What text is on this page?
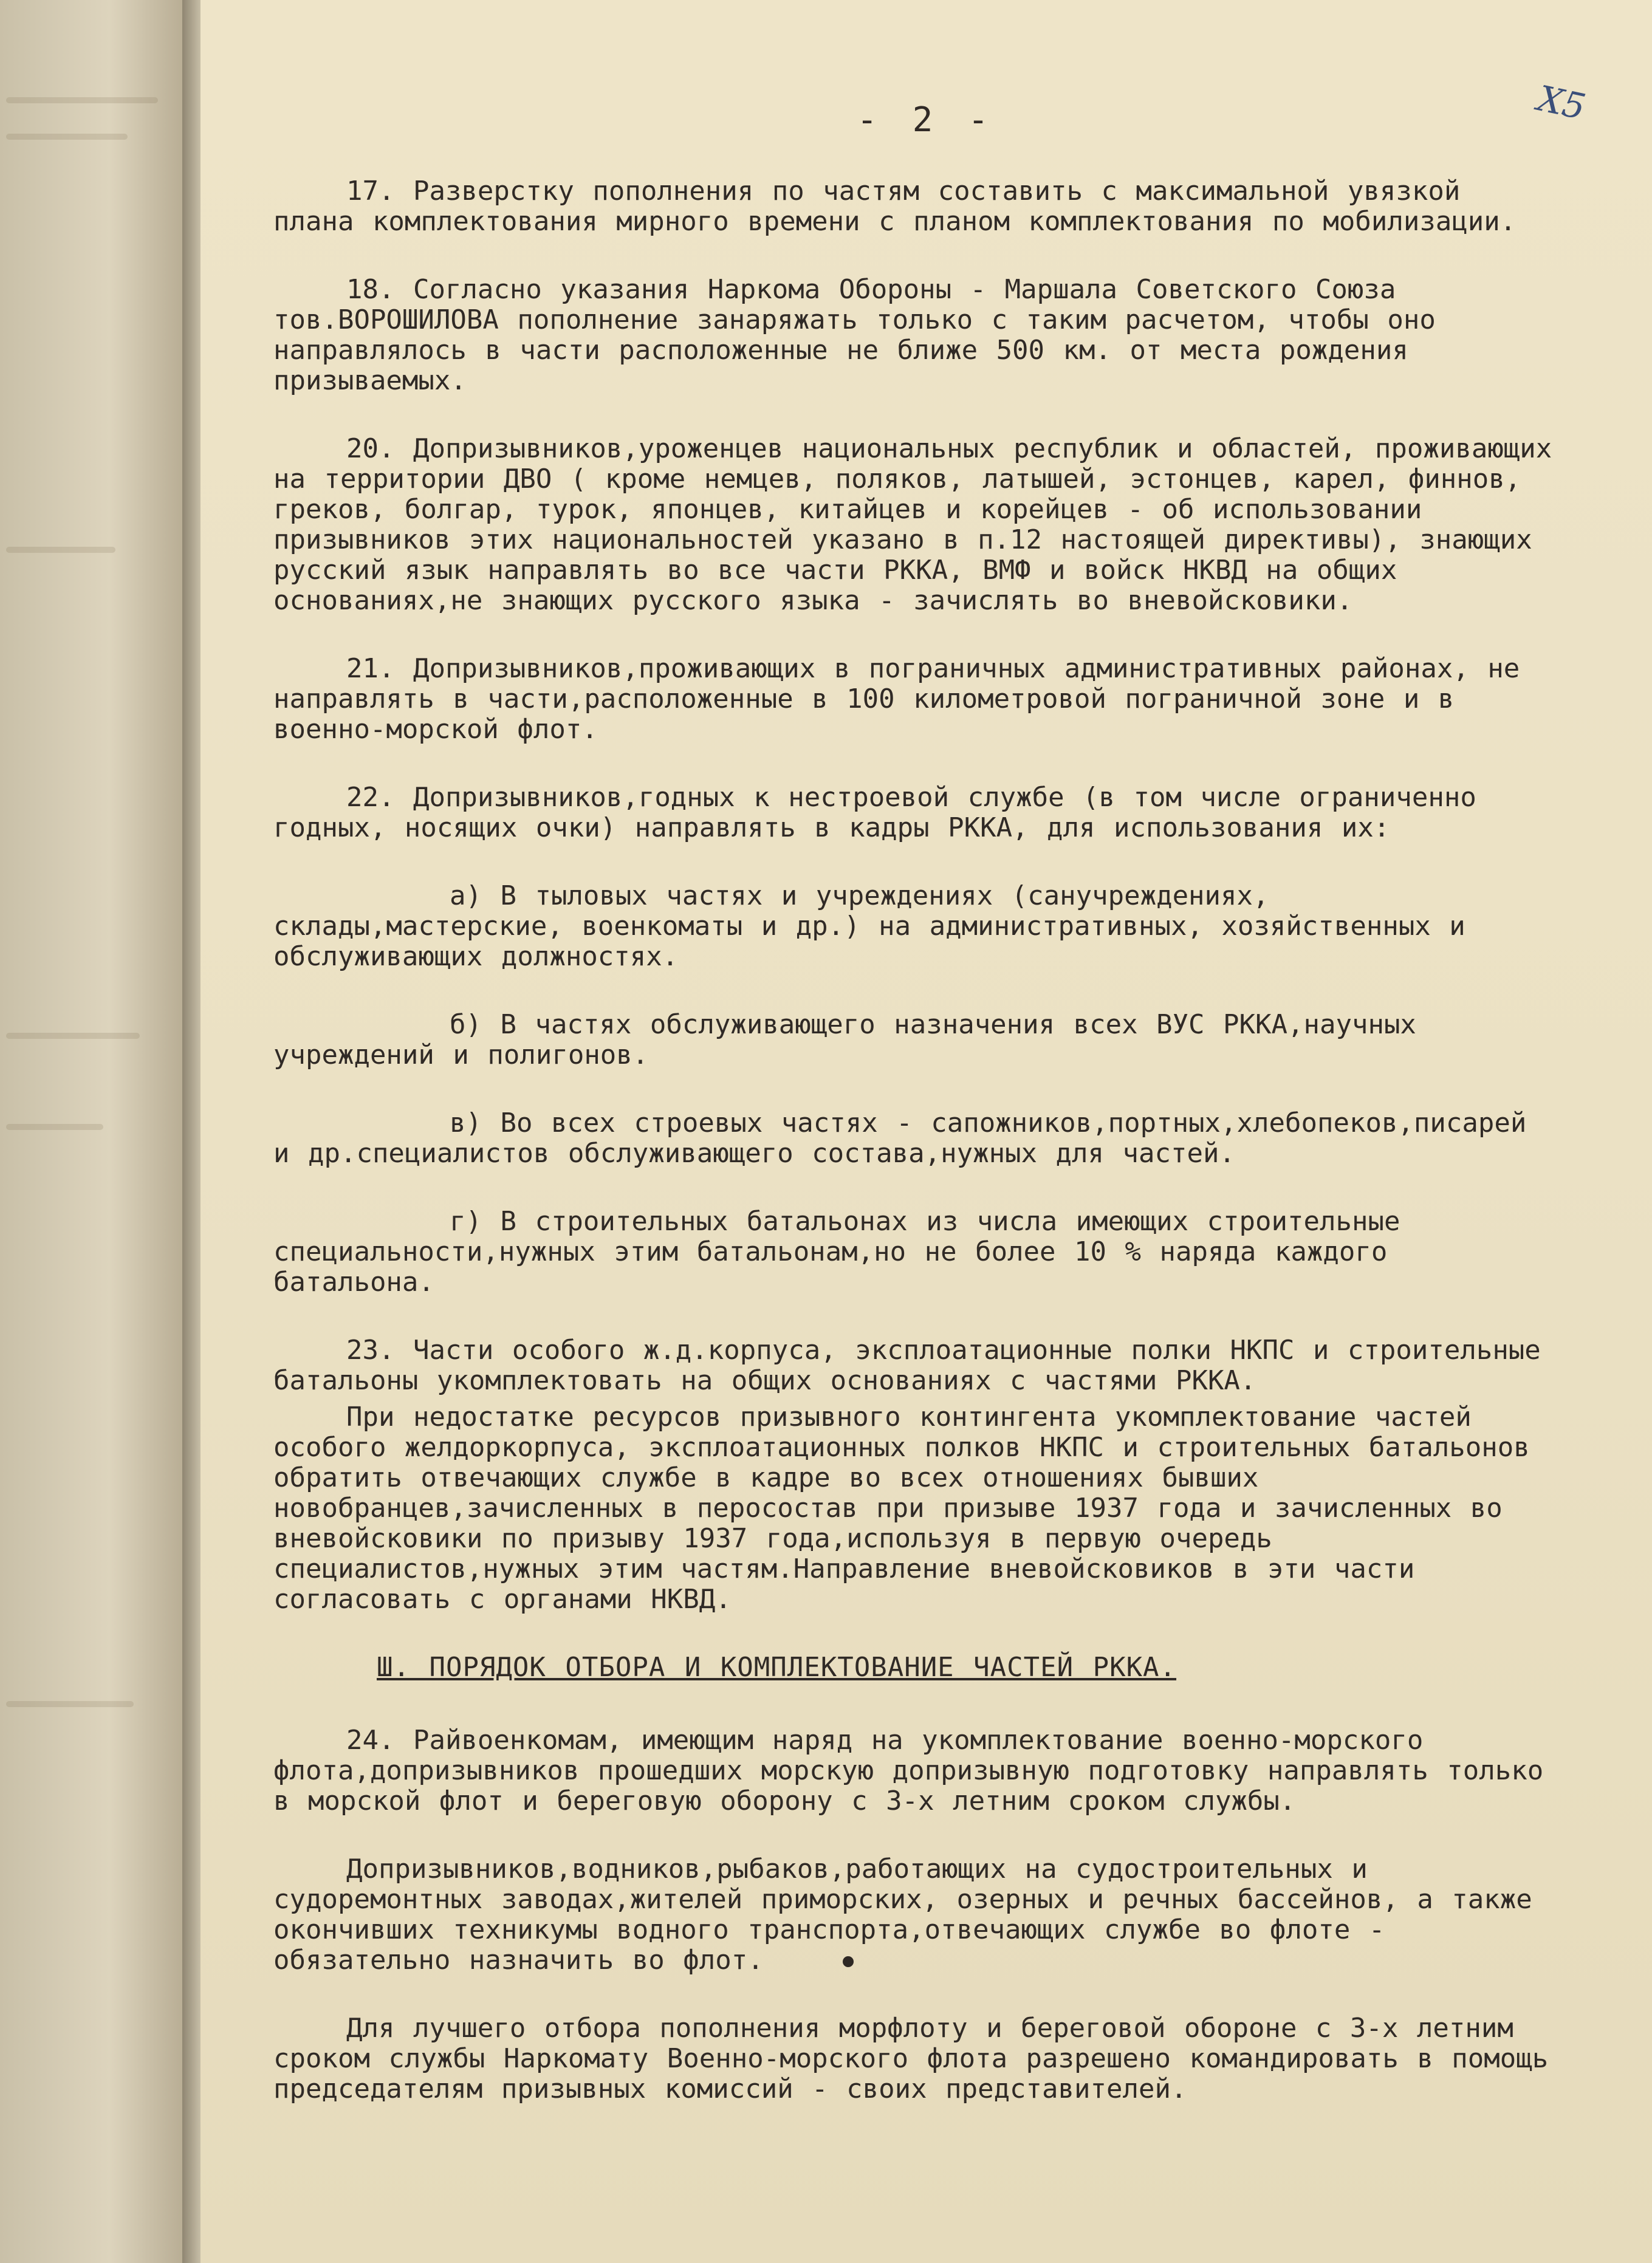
- 2 -	X5

17. Разверстку пополнения по частям составить с максимальной увязкой плана комплектования мирного времени с планом комплектования по мобилизации.

18. Согласно указания Наркома Обороны - Маршала Советского Союза тов.ВОРОШИЛОВА пополнение занаряжать только с таким расчетом, чтобы оно направлялось в части расположенные не ближе 500 км. от места рождения призываемых.

20. Допризывников,уроженцев национальных республик и областей, проживающих на территории ДВО ( кроме немцев, поляков, латышей, эстонцев, карел, финнов, греков, болгар, турок, японцев, китайцев и корейцев - об использовании призывников этих национальностей указано в п.12 настоящей директивы), знающих русский язык направлять во все части РККА, ВМФ и войск НКВД на общих основаниях,не знающих русского языка - зачислять во вневойсковики.

21. Допризывников,проживающих в пограничных административных районах, не направлять в части,расположенные в 100 километровой пограничной зоне и в военно-морской флот.

22. Допризывников,годных к нестроевой службе (в том числе ограниченно годных, носящих очки) направлять в кадры РККА, для использования их:

а) В тыловых частях и учреждениях (санучреждениях, склады,мастерские, военкоматы и др.) на административных, хозяйственных и обслуживающих должностях.

б) В частях обслуживающего назначения всех ВУС РККА,научных учреждений и полигонов.

в) Во всех строевых частях - сапожников,портных,хлебопеков,писарей и др.специалистов обслуживающего состава,нужных для частей.

г) В строительных батальонах из числа имеющих строительные специальности,нужных этим батальонам,но не более 10 % наряда каждого батальона.

23. Части особого ж.д.корпуса, эксплоатационные полки НКПС и строительные батальоны укомплектовать на общих основаниях с частями РККА.

При недостатке ресурсов призывного контингента укомплектование частей особого желдоркорпуса, эксплоатационных полков НКПС и строительных батальонов обратить отвечающих службе в кадре во всех отношениях бывших новобранцев,зачисленных в перосостав при призыве 1937 года и зачисленных во вневойсковики по призыву 1937 года,используя в первую очередь специалистов,нужных этим частям.Направление вневойсковиков в эти части согласовать с органами НКВД.

Ш. ПОРЯДОК ОТБОРА И КОМПЛЕКТОВАНИЕ ЧАСТЕЙ РККА.

24. Райвоенкомам, имеющим наряд на укомплектование военно-морского флота,допризывников прошедших морскую допризывную подготовку направлять только в морской флот и береговую оборону с 3-х летним сроком службы.

Допризывников,водников,рыбаков,работающих на судостроительных и судоремонтных заводах,жителей приморских, озерных и речных бассейнов, а также окончивших техникумы водного транспорта,отвечающих службе во флоте - обязательно назначить во флот.

Для лучшего отбора пополнения морфлоту и береговой обороне с 3-х летним сроком службы Наркомату Военно-морского флота разрешено командировать в помощь председателям призывных комиссий - своих представителей.
